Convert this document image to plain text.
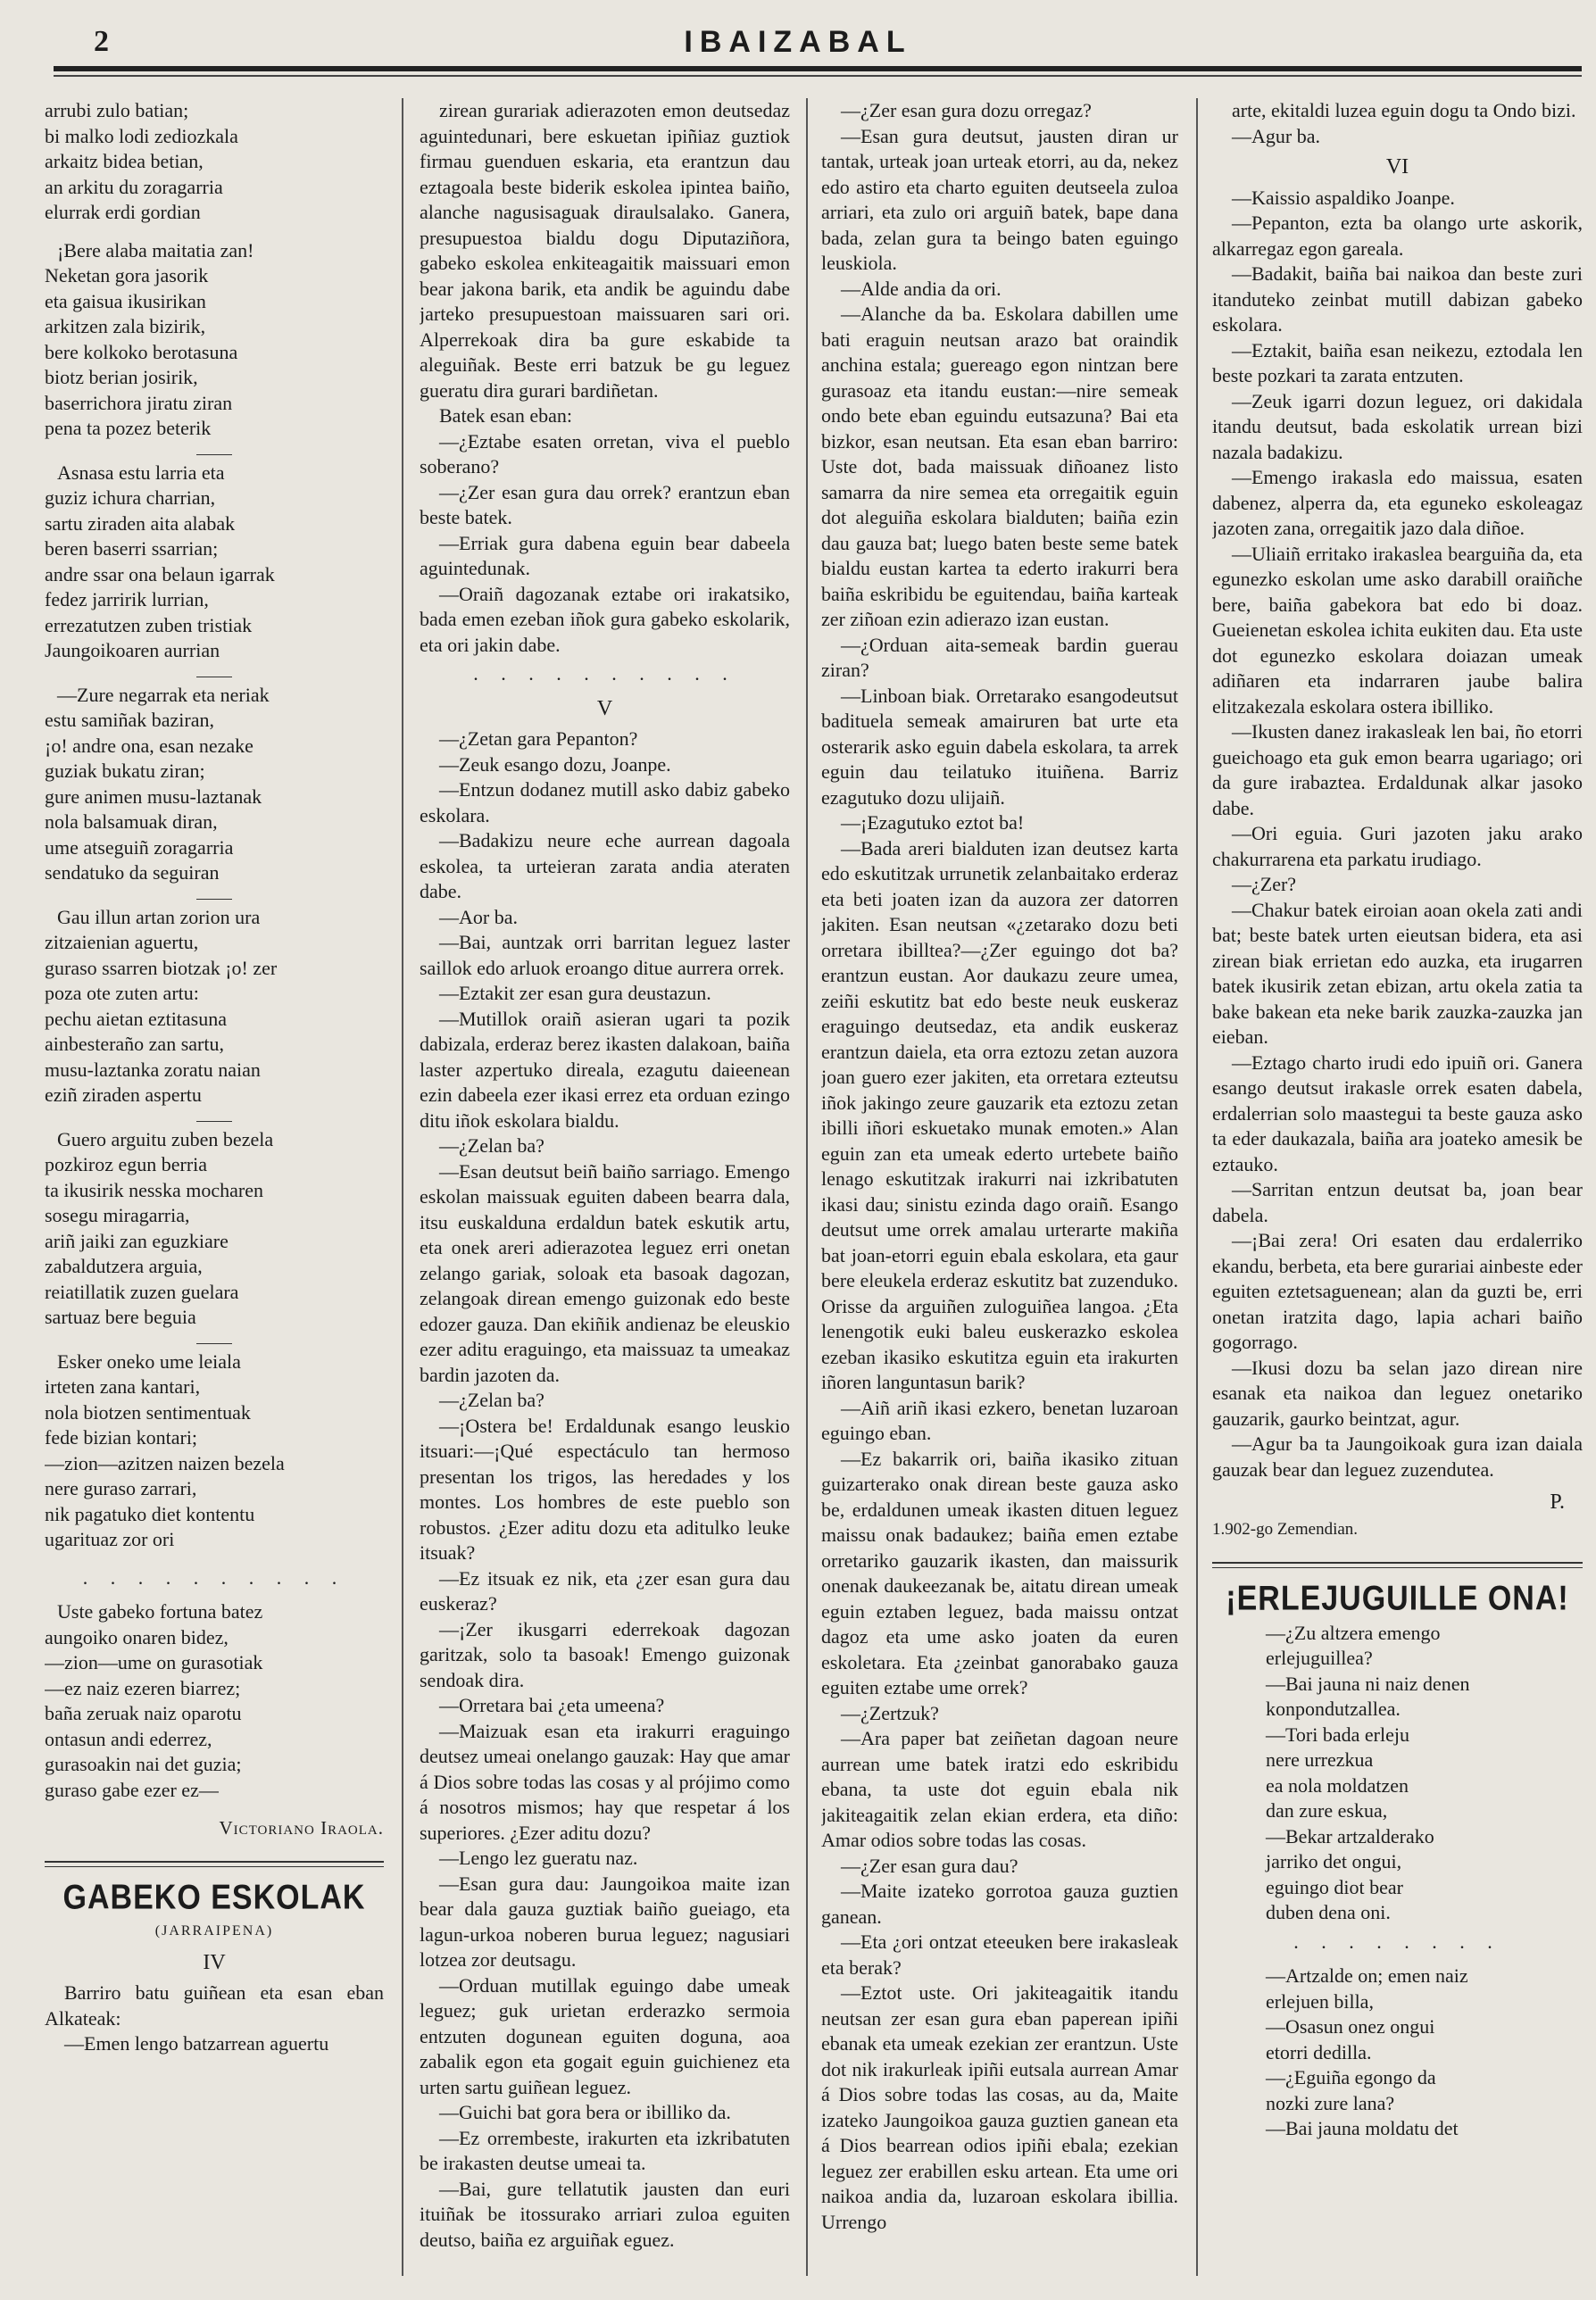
2	IBAIZABAL
arrubi zulo batian;
bi malko lodi zediozkala
arkaitz bidea betian,
an arkitu du zoragarria
elurrak erdi gordian
¡Bere alaba maitatia zan!
Neketan gora jasorik
eta gaisua ikusirikan
arkitzen zala bizirik,
bere kolkoko berotasuna
biotz berian josirik,
baserrichora jiratu ziran
pena ta pozez beterik
Asnasa estu larria eta
guziz ichura charrian,
sartu ziraden aita alabak
beren baserri ssarrian;
andre ssar ona belaun igarrak
fedez jarririk lurrian,
errezatutzen zuben tristiak
Jaungoikoaren aurrian
—Zure negarrak eta neriak
estu samiñak baziran,
¡o! andre ona, esan nezake
guziak bukatu ziran;
gure animen musu-laztanak
nola balsamuak diran,
ume atseguiñ zoragarria
sendatuko da seguiran
Gau illun artan zorion ura
zitzaienian aguertu,
guraso ssarren biotzak ¡o! zer
poza ote zuten artu:
pechu aietan eztitasuna
ainbesteraño zan sartu,
musu-laztanka zoratu naian
eziñ ziraden aspertu
Guero arguitu zuben bezela
pozkiroz egun berria
ta ikusirik nesska mocharen
sosegu miragarria,
ariñ jaiki zan eguzkiare
zabaldutzera arguia,
reiatillatik zuzen guelara
sartuaz bere beguia
Esker oneko ume leiala
irteten zana kantari,
nola biotzen sentimentuak
fede bizian kontari;
—zion—azitzen naizen bezela
nere guraso zarrari,
nik pagatuko diet kontentu
ugarituaz zor ori
. . . . . . . . . .
Uste gabeko fortuna batez
aungoiko onaren bidez,
—zion—ume on gurasotiak
—ez naiz ezeren biarrez;
baña zeruak naiz oparotu
ontasun andi ederrez,
gurasoakin nai det guzia;
guraso gabe ezer ez—
Victoriano Iraola.
GABEKO ESKOLAK
(JARRAIPENA)
IV

Barriro batu guiñean eta esan eban Alkateak:

—Emen lengo batzarrean aguertu

zirean gurariak adierazoten emon deutsedaz aguintedunari, bere eskuetan ipiñiaz guztiok firmau guenduen eskaria, eta erantzun dau eztagoala beste biderik eskolea ipintea baiño, alanche nagusisaguak diraulsalako. Ganera, presupuestoa bialdu dogu Diputaziñora, gabeko eskolea enkiteagaitik maissuari emon bear jakona barik, eta andik be aguindu dabe jarteko presupuestoan maissuaren sari ori. Alperrekoak dira ba gure eskabide ta aleguiñak. Beste erri batzuk be gu leguez gueratu dira gurari bardiñetan.

Batek esan eban:

—¿Eztabe esaten orretan, viva el pueblo soberano?

—¿Zer esan gura dau orrek? erantzun eban beste batek.

—Erriak gura dabena eguin bear dabeela aguintedunak.

—Oraiñ dagozanak eztabe ori irakatsiko, bada emen ezeban iñok gura gabeko eskolarik, eta ori jakin dabe.

. . . . . . . . . .
V

—¿Zetan gara Pepanton?

—Zeuk esango dozu, Joanpe.

—Entzun dodanez mutill asko dabiz gabeko eskolara.

—Badakizu neure eche aurrean dagoala eskolea, ta urteieran zarata andia ateraten dabe.

—Aor ba.

—Bai, auntzak orri barritan leguez laster saillok edo arluok eroango ditue aurrera orrek.

—Eztakit zer esan gura deustazun.

—Mutillok oraiñ asieran ugari ta pozik dabizala, erderaz berez ikasten dalakoan, baiña laster azpertuko direala, ezagutu daieenean ezin dabeela ezer ikasi errez eta orduan ezingo ditu iñok eskolara bialdu.

—¿Zelan ba?

—Esan deutsut beiñ baiño sarriago. Emengo eskolan maissuak eguiten dabeen bearra dala, itsu euskalduna erdaldun batek eskutik artu, eta onek areri adierazotea leguez erri onetan zelango gariak, soloak eta basoak dagozan, zelangoak direan emengo guizonak edo beste edozer gauza. Dan ekiñik andienaz be eleuskio ezer aditu eraguingo, eta maissuaz ta umeakaz bardin jazoten da.

—¿Zelan ba?

—¡Ostera be! Erdaldunak esango leuskio itsuari:—¡Qué espectáculo tan hermoso presentan los trigos, las heredades y los montes. Los hombres de este pueblo son robustos. ¿Ezer aditu dozu eta aditulko leuke itsuak?

—Ez itsuak ez nik, eta ¿zer esan gura dau euskeraz?

—¡Zer ikusgarri ederrekoak dagozan garitzak, solo ta basoak! Emengo guizonak sendoak dira.

—Orretara bai ¿eta umeena?

—Maizuak esan eta irakurri eraguingo deutsez umeai onelango gauzak: Hay que amar á Dios sobre todas las cosas y al prójimo como á nosotros mismos; hay que respetar á los superiores. ¿Ezer aditu dozu?

—Lengo lez gueratu naz.

—Esan gura dau: Jaungoikoa maite izan bear dala gauza guztiak baiño gueiago, eta lagun-urkoa noberen burua leguez; nagusiari lotzea zor deutsagu.

—Orduan mutillak eguingo dabe umeak leguez; guk urietan erderazko sermoia entzuten dogunean eguiten doguna, aoa zabalik egon eta gogait eguin guichienez eta urten sartu guiñean leguez.

—Guichi bat gora bera or ibilliko da.

—Ez orrembeste, irakurten eta izkribatuten be irakasten deutse umeai ta.

—Bai, gure tellatutik jausten dan euri ituiñak be itossurako arriari zuloa eguiten deutso, baiña ez arguiñak eguez.

—¿Zer esan gura dozu orregaz?

—Esan gura deutsut, jausten diran ur tantak, urteak joan urteak etorri, au da, nekez edo astiro eta charto eguiten deutseela zuloa arriari, eta zulo ori arguiñ batek, bape dana bada, zelan gura ta beingo baten eguingo leuskiola.

—Alde andia da ori.

—Alanche da ba. Eskolara dabillen ume bati eraguin neutsan arazo bat oraindik anchina estala; guereago egon nintzan bere gurasoaz eta itandu eustan:—nire semeak ondo bete eban eguindu eutsazuna? Bai eta bizkor, esan neutsan. Eta esan eban barriro: Uste dot, bada maissuak diñoanez listo samarra da nire semea eta orregaitik eguin dot aleguiña eskolara bialduten; baiña ezin dau gauza bat; luego baten beste seme batek bialdu eustan kartea ta ederto irakurri bera baiña eskribidu be eguitendau, baiña karteak zer ziñoan ezin adierazo izan eustan.

—¿Orduan aita-semeak bardin guerau ziran?

—Linboan biak. Orretarako esangodeutsut badituela semeak amairuren bat urte eta osterarik asko eguin dabela eskolara, ta arrek eguin dau teilatuko ituiñena. Barriz ezagutuko dozu ulijaiñ.

—¡Ezagutuko eztot ba!

—Bada areri bialduten izan deutsez karta edo eskutitzak urrunetik zelanbaitako erderaz eta beti joaten izan da auzora zer datorren jakiten. Esan neutsan «¿zetarako dozu beti orretara ibilltea?—¿Zer eguingo dot ba? erantzun eustan. Aor daukazu zeure umea, zeiñi eskutitz bat edo beste neuk euskeraz eraguingo deutsedaz, eta andik euskeraz erantzun daiela, eta orra eztozu zetan auzora joan guero ezer jakiten, eta orretara ezteutsu iñok jakingo zeure gauzarik eta eztozu zetan ibilli iñori eskuetako munak emoten.» Alan eguin zan eta umeak ederto urtebete baiño lenago eskutitzak irakurri nai izkribatuten ikasi dau; sinistu ezinda dago oraiñ. Esango deutsut ume orrek amalau urterarte makiña bat joan-etorri eguin ebala eskolara, eta gaur bere eleukela erderaz eskutitz bat zuzenduko. Orisse da arguiñen zuloguiñea langoa. ¿Eta lenengotik euki baleu euskerazko eskolea ezeban ikasiko eskutitza eguin eta irakurten iñoren languntasun barik?

—Aiñ ariñ ikasi ezkero, benetan luzaroan eguingo eban.

—Ez bakarrik ori, baiña ikasiko zituan guizarterako onak direan beste gauza asko be, erdaldunen umeak ikasten dituen leguez maissu onak badaukez; baiña emen eztabe orretariko gauzarik ikasten, dan maissurik onenak daukeezanak be, aitatu direan umeak eguin eztaben leguez, bada maissu ontzat dagoz eta ume asko joaten da euren eskoletara. Eta ¿zeinbat ganorabako gauza eguiten eztabe ume orrek?

—¿Zertzuk?

—Ara paper bat zeiñetan dagoan neure aurrean ume batek iratzi edo eskribidu ebana, ta uste dot eguin ebala nik jakiteagaitik zelan ekian erdera, eta diño: Amar odios sobre todas las cosas.

—¿Zer esan gura dau?

—Maite izateko gorrotoa gauza guztien ganean.

—Eta ¿ori ontzat eteeuken bere irakasleak eta berak?

—Eztot uste. Ori jakiteagaitik itandu neutsan zer esan gura eban paperean ipiñi ebanak eta umeak ezekian zer erantzun. Uste dot nik irakurleak ipiñi eutsala aurrean Amar á Dios sobre todas las cosas, au da, Maite izateko Jaungoikoa gauza guztien ganean eta á Dios bearrean odios ipiñi ebala; ezekian leguez zer erabillen esku artean. Eta ume ori naikoa andia da, luzaroan eskolara ibillia. Urrengo

arte, ekitaldi luzea eguin dogu ta Ondo bizi.

—Agur ba.

VI

—Kaissio aspaldiko Joanpe.

—Pepanton, ezta ba olango urte askorik, alkarregaz egon gareala.

—Badakit, baiña bai naikoa dan beste zuri itanduteko zeinbat mutill dabizan gabeko eskolara.

—Eztakit, baiña esan neikezu, eztodala len beste pozkari ta zarata entzuten.

—Zeuk igarri dozun leguez, ori dakidala itandu deutsut, bada eskolatik urrean bizi nazala badakizu.

—Emengo irakasla edo maissua, esaten dabenez, alperra da, eta eguneko eskoleagaz jazoten zana, orregaitik jazo dala diñoe.

—Uliaiñ erritako irakaslea bearguiña da, eta egunezko eskolan ume asko darabill oraiñche bere, baiña gabekora bat edo bi doaz. Gueienetan eskolea ichita eukiten dau. Eta uste dot egunezko eskolara doiazan umeak adiñaren eta indarraren jaube balira elitzakezala eskolara ostera ibilliko.

—Ikusten danez irakasleak len bai, ño etorri gueichoago eta guk emon bearra ugariago; ori da gure irabaztea. Erdaldunak alkar jasoko dabe.

—Ori eguia. Guri jazoten jaku arako chakurrarena eta parkatu irudiago.

—¿Zer?

—Chakur batek eiroian aoan okela zati andi bat; beste batek urten eieutsan bidera, eta asi zirean biak errietan edo auzka, eta irugarren batek ikusirik zetan ebizan, artu okela zatia ta bake bakean eta neke barik zauzka-zauzka jan eieban.

—Eztago charto irudi edo ipuiñ ori. Ganera esango deutsut irakasle orrek esaten dabela, erdalerrian solo maastegui ta beste gauza asko ta eder daukazala, baiña ara joateko amesik be eztauko.

—Sarritan entzun deutsat ba, joan bear dabela.

—¡Bai zera! Ori esaten dau erdalerriko ekandu, berbeta, eta bere gurariai ainbeste eder eguiten eztetsaguenean; alan da guzti be, erri onetan iratzita dago, lapia achari baiño gogorrago.

—Ikusi dozu ba selan jazo direan nire esanak eta naikoa dan leguez onetariko gauzarik, gaurko beintzat, agur.

—Agur ba ta Jaungoikoak gura izan daiala gauzak bear dan leguez zuzendutea.

P.
1.902-go Zemendian.
¡ERLEJUGUILLE ONA!
—¿Zu altzera emengo
erlejuguillea?
—Bai jauna ni naiz denen
konpondutzallea.
—Tori bada erleju
nere urrezkua
ea nola moldatzen
dan zure eskua,
—Bekar artzalderako
jarriko det ongui,
eguingo diot bear
duben dena oni.
. . . . . . . .
—Artzalde on; emen naiz
erlejuen billa,
—Osasun onez ongui
etorri dedilla.
—¿Eguiña egongo da
nozki zure lana?
—Bai jauna moldatu det
